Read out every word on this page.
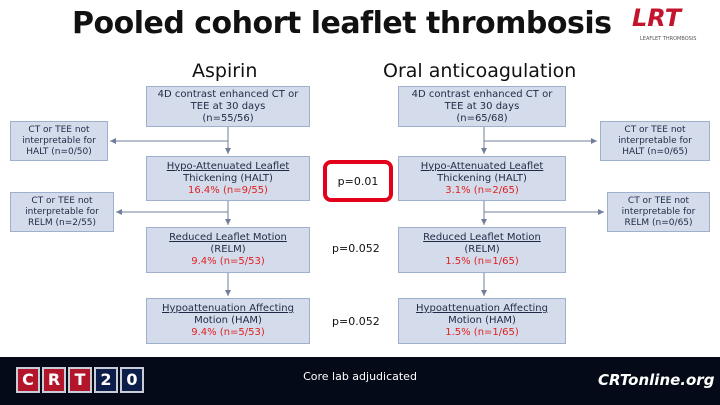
Pooled cohort leaflet thrombosis LRT
LEAFLET THROMBOSIS
Aspirin	Oral anticoagulation
4D contrast enhanced CT or
TEE at 30 days
(n=55/56)
Hypo-Attenuated Leaflet
Thickening (HALT)
16.4% (n=9/55)
Reduced Leaflet Motion
(RELM)
9.4% (n=5/53)
Hypoattenuation Affecting
Motion (HAM)
9.4% (n=5/53)
CT or TEE not
interpretable for
HALT (n=0/50)
CT or TEE not
interpretable for
RELM (n=2/55)
4D contrast enhanced CT or
TEE at 30 days
(n=65/68)
Hypo-Attenuated Leaflet
Thickening (HALT)
3.1% (n=2/65)
Reduced Leaflet Motion
(RELM)
1.5% (n=1/65)
Hypoattenuation Affecting
Motion (HAM)
1.5% (n=1/65)
CT or TEE not
interpretable for
HALT (n=0/65)
CT or TEE not
interpretable for
RELM (n=0/65)
p=0.01
p=0.052
p=0.052
C R T 2 0	Core lab adjudicated	CRTonline.org
